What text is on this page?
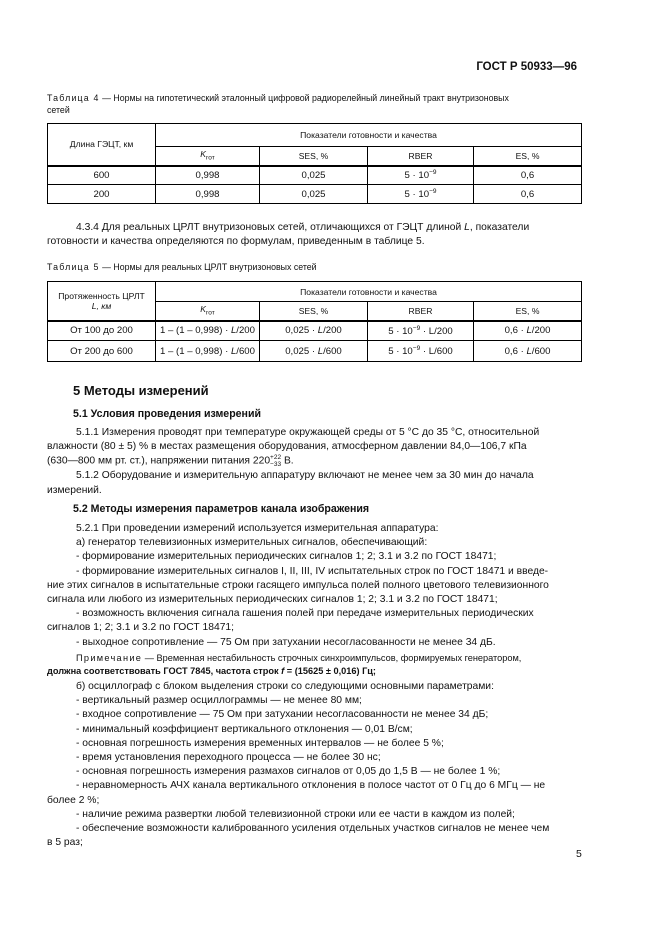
ГОСТ Р 50933—96
Таблица 4 — Нормы на гипотетический эталонный цифровой радиорелейный линейный тракт внутризоновых
сетей
Длина ГЭЦТ, км	Показатели готовности и качества			
	$K_{гот}$	SES, %	RBER	ES, %
600	0,998	0,025	$5 \cdot 10^{-9}$	0,6
200	0,998	0,025	$5 \cdot 10^{-9}$	0,6
4.3.4 Для реальных ЦРЛТ внутризоновых сетей, отличающихся от ГЭЦТ длиной L, показатели
готовности и качества определяются по формулам, приведенным в таблице 5.
Таблица 5 — Нормы для реальных ЦРЛТ внутризоновых сетей
Протяженность ЦРЛТ
L, км	Показатели готовности и качества			
	$K_{гот}$	SES, %	RBER	ES, %
От 100 до 200	1 – (1 – 0,998) · L/200	0,025 · L/200	$5 \cdot 10^{-9} \cdot L/200$	0,6 · L/200
От 200 до 600	1 – (1 – 0,998) · L/600	0,025 · L/600	$5 \cdot 10^{-9} \cdot L/600$	0,6 · L/600
5 Методы измерений
5.1 Условия проведения измерений
5.1.1 Измерения проводят при температуре окружающей среды от 5 °С до 35 °С, относительной
влажности (80 ± 5) % в местах размещения оборудования, атмосферном давлении 84,0—106,7 кПа
(630—800 мм рт. ст.), напряжении питания 220+22
−33 В.
5.1.2 Оборудование и измерительную аппаратуру включают не менее чем за 30 мин до начала
измерений.
5.2 Методы измерения параметров канала изображения
5.2.1 При проведении измерений используется измерительная аппаратура:
а) генератор телевизионных измерительных сигналов, обеспечивающий:
- формирование измерительных периодических сигналов 1; 2; 3.1 и 3.2 по ГОСТ 18471;
- формирование измерительных сигналов I, II, III, IV испытательных строк по ГОСТ 18471 и введе-
ние этих сигналов в испытательные строки гасящего импульса полей полного цветового телевизионного
сигнала или любого из измерительных периодических сигналов 1; 2; 3.1 и 3.2 по ГОСТ 18471;
- возможность включения сигнала гашения полей при передаче измерительных периодических
сигналов 1; 2; 3.1 и 3.2 по ГОСТ 18471;
- выходное сопротивление — 75 Ом при затухании несогласованности не менее 34 дБ.
Примечание — Временная нестабильность строчных синхроимпульсов, формируемых генератором,
должна соответствовать ГОСТ 7845, частота строк f = (15625 ± 0,016) Гц;
б) осциллограф с блоком выделения строки со следующими основными параметрами:
- вертикальный размер осциллограммы — не менее 80 мм;
- входное сопротивление — 75 Ом при затухании несогласованности не менее 34 дБ;
- минимальный коэффициент вертикального отклонения — 0,01 В/см;
- основная погрешность измерения временных интервалов — не более 5 %;
- время установления переходного процесса — не более 30 нс;
- основная погрешность измерения размахов сигналов от 0,05 до 1,5 В — не более 1 %;
- неравномерность АЧХ канала вертикального отклонения в полосе частот от 0 Гц до 6 МГц — не
более 2 %;
- наличие режима развертки любой телевизионной строки или ее части в каждом из полей;
- обеспечение возможности калиброванного усиления отдельных участков сигналов не менее чем
в 5 раз;
5
